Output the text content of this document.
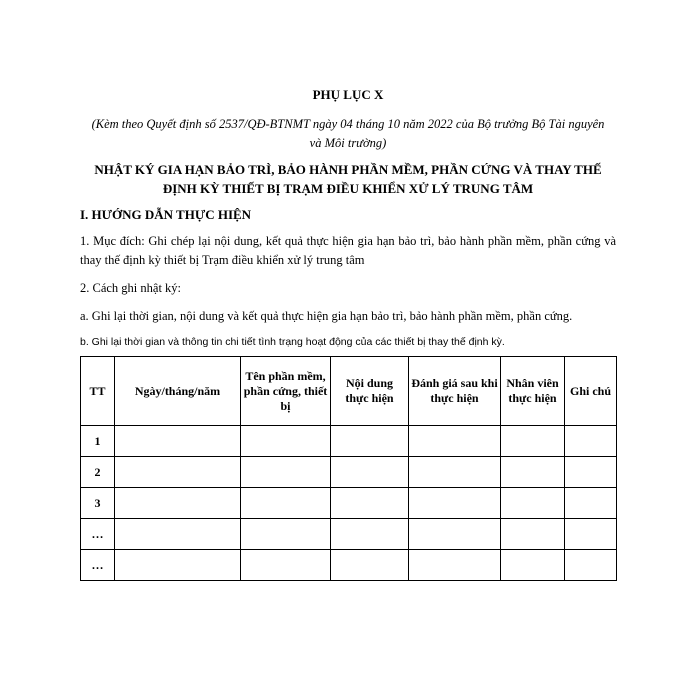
PHỤ LỤC X
(Kèm theo Quyết định số 2537/QĐ-BTNMT ngày 04 tháng 10 năm 2022 của Bộ trưởng Bộ Tài nguyên và Môi trường)
NHẬT KÝ GIA HẠN BẢO TRÌ, BẢO HÀNH PHẦN MỀM, PHẦN CỨNG VÀ THAY THẾ ĐỊNH KỲ THIẾT BỊ TRẠM ĐIỀU KHIỂN XỬ LÝ TRUNG TÂM
I. HƯỚNG DẪN THỰC HIỆN
1. Mục đích: Ghi chép lại nội dung, kết quả thực hiện gia hạn bảo trì, bảo hành phần mềm, phần cứng và thay thế định kỳ thiết bị Trạm điều khiển xử lý trung tâm
2. Cách ghi nhật ký:
a. Ghi lại thời gian, nội dung và kết quả thực hiện gia hạn bảo trì, bảo hành phần mềm, phần cứng.
b. Ghi lại thời gian và thông tin chi tiết tình trạng hoạt động của các thiết bị thay thế định kỳ.
TT	Ngày/tháng/năm	Tên phần mềm, phần cứng, thiết bị	Nội dung thực hiện	Đánh giá sau khi thực hiện	Nhân viên thực hiện	Ghi chú
1						
2						
3						
…						
…						
